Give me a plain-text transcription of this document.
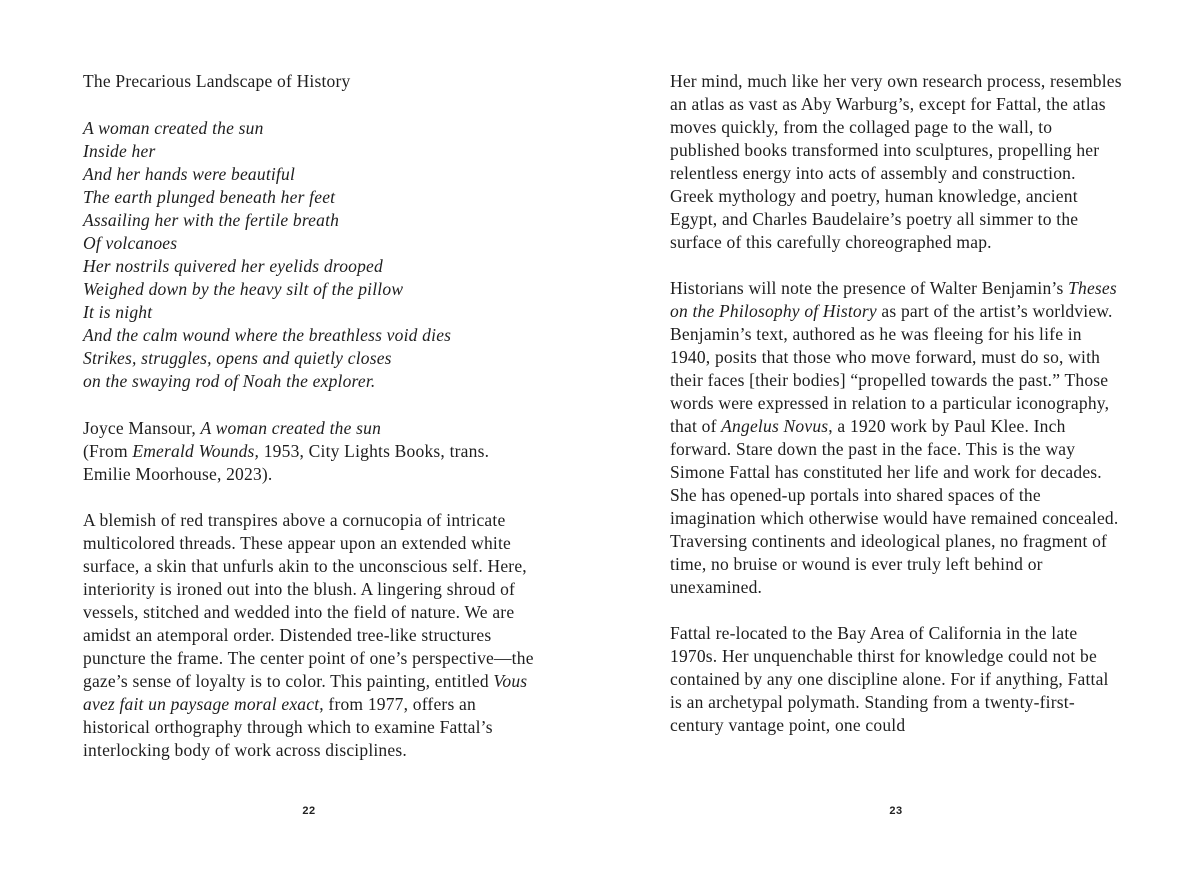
The Precarious Landscape of History
A woman created the sun
Inside her
And her hands were beautiful
The earth plunged beneath her feet
Assailing her with the fertile breath
Of volcanoes
Her nostrils quivered her eyelids drooped
Weighed down by the heavy silt of the pillow
It is night
And the calm wound where the breathless void dies
Strikes, struggles, opens and quietly closes
on the swaying rod of Noah the explorer.

Joyce Mansour, A woman created the sun
(From Emerald Wounds, 1953, City Lights Books, trans. Emilie Moorhouse, 2023).

A blemish of red transpires above a cornucopia of intricate multicolored threads. These appear upon an extended white surface, a skin that unfurls akin to the unconscious self. Here, interiority is ironed out into the blush. A lingering shroud of vessels, stitched and wedded into the field of nature. We are amidst an atemporal order. Distended tree-like structures puncture the frame. The center point of one’s perspective—the gaze’s sense of loyalty is to color. This painting, entitled Vous avez fait un paysage moral exact, from 1977, offers an historical orthography through which to examine Fattal’s interlocking body of work across disciplines.

Her mind, much like her very own research process, resembles an atlas as vast as Aby Warburg’s, except for Fattal, the atlas moves quickly, from the collaged page to the wall, to published books transformed into sculptures, propelling her relentless energy into acts of assembly and construction. Greek mythology and poetry, human knowledge, ancient Egypt, and Charles Baudelaire’s poetry all simmer to the surface of this carefully choreographed map.

Historians will note the presence of Walter Benjamin’s Theses on the Philosophy of History as part of the artist’s worldview. Benjamin’s text, authored as he was fleeing for his life in 1940, posits that those who move forward, must do so, with their faces [their bodies] “propelled towards the past.” Those words were expressed in relation to a particular iconography, that of Angelus Novus, a 1920 work by Paul Klee. Inch forward. Stare down the past in the face. This is the way Simone Fattal has constituted her life and work for decades. She has opened-up portals into shared spaces of the imagination which otherwise would have remained concealed. Traversing continents and ideological planes, no fragment of time, no bruise or wound is ever truly left behind or unexamined.

Fattal re-located to the Bay Area of California in the late 1970s. Her unquenchable thirst for knowledge could not be contained by any one discipline alone. For if anything, Fattal is an archetypal polymath. Standing from a twenty-first-century vantage point, one could

22	23
